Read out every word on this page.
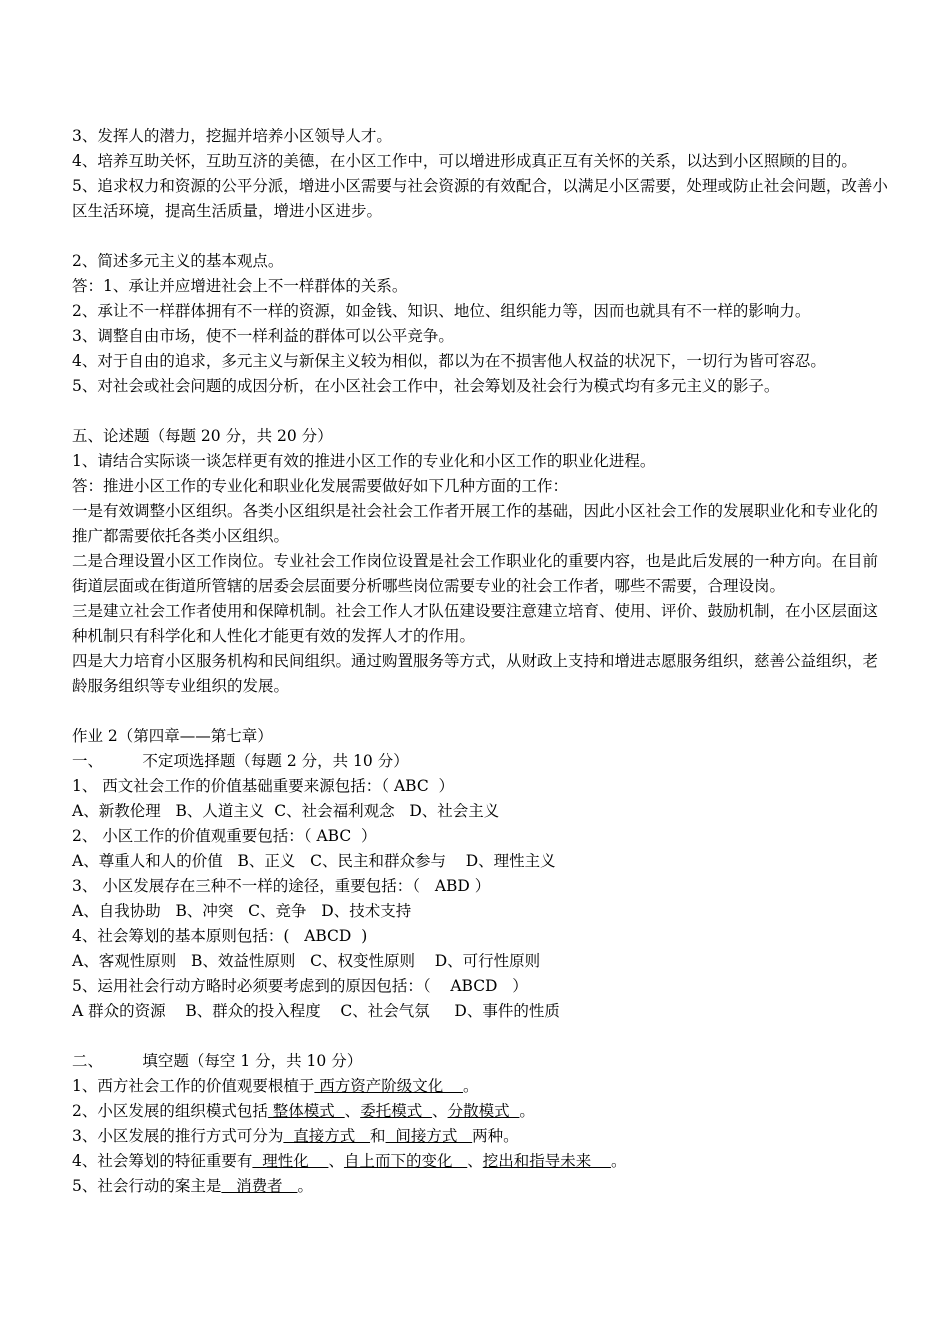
3、发挥人的潜力，挖掘并培养小区领导人才。
4、培养互助关怀，互助互济的美德，在小区工作中，可以增进形成真正互有关怀的关系，以达到小区照顾的目的。
5、追求权力和资源的公平分派，增进小区需要与社会资源的有效配合，以满足小区需要，处理或防止社会问题，改善小区生活环境，提高生活质量，增进小区进步。
2、简述多元主义的基本观点。
答：1、承让并应增进社会上不一样群体的关系。
2、承让不一样群体拥有不一样的资源，如金钱、知识、地位、组织能力等，因而也就具有不一样的影响力。
3、调整自由市场，使不一样利益的群体可以公平竞争。
4、对于自由的追求，多元主义与新保主义较为相似，都以为在不损害他人权益的状况下，一切行为皆可容忍。
5、对社会或社会问题的成因分析，在小区社会工作中，社会筹划及社会行为模式均有多元主义的影子。
五、论述题（每题 20 分，共 20 分）
1、请结合实际谈一谈怎样更有效的推进小区工作的专业化和小区工作的职业化进程。
答：推进小区工作的专业化和职业化发展需要做好如下几种方面的工作：
一是有效调整小区组织。各类小区组织是社会社会工作者开展工作的基础，因此小区社会工作的发展职业化和专业化的推广都需要依托各类小区组织。
二是合理设置小区工作岗位。专业社会工作岗位设置是社会工作职业化的重要内容，也是此后发展的一种方向。在目前街道层面或在街道所管辖的居委会层面要分析哪些岗位需要专业的社会工作者，哪些不需要，合理设岗。
三是建立社会工作者使用和保障机制。社会工作人才队伍建设要注意建立培育、使用、评价、鼓励机制，在小区层面这种机制只有科学化和人性化才能更有效的发挥人才的作用。
四是大力培育小区服务机构和民间组织。通过购置服务等方式，从财政上支持和增进志愿服务组织，慈善公益组织，老龄服务组织等专业组织的发展。
作业 2（第四章——第七章）
一、        不定项选择题（每题 2 分，共 10 分）
1、 西文社会工作的价值基础重要来源包括：（ ABC  ）
A、新教伦理   B、人道主义  C、社会福利观念   D、社会主义
2、 小区工作的价值观重要包括：（ ABC  ）
A、尊重人和人的价值   B、正义   C、民主和群众参与    D、理性主义
3、 小区发展存在三种不一样的途径，重要包括：（   ABD ）
A、自我协助   B、冲突   C、竞争   D、技术支持
4、社会筹划的基本原则包括：(   ABCD  )
A、客观性原则   B、效益性原则   C、权变性原则    D、可行性原则
5、运用社会行动方略时必须要考虑到的原因包括：（    ABCD   ）
A 群众的资源    B、群众的投入程度    C、社会气氛     D、事件的性质
二、        填空题（每空 1 分，共 10 分）
1、西方社会工作的价值观要根植于 西方资产阶级文化    。
2、小区发展的组织模式包括 整体模式  、委托模式  、分散模式  。
3、小区发展的推行方式可分为  直接方式   和  间接方式   两种。
4、社会筹划的特征重要有  理性化    、自上而下的变化   、挖出和指导未来    。
5、社会行动的案主是   消费者   。
